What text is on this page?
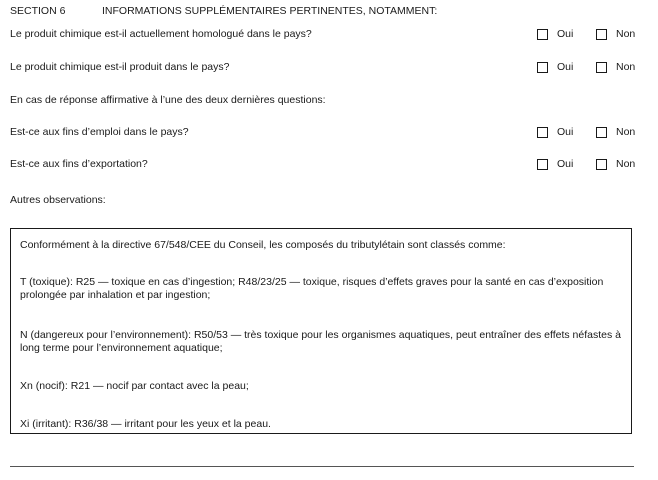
SECTION 6	INFORMATIONS SUPPLÉMENTAIRES PERTINENTES, NOTAMMENT:
Le produit chimique est-il actuellement homologué dans le pays?	Oui	Non
Le produit chimique est-il produit dans le pays?	Oui	Non
En cas de réponse affirmative à l’une des deux dernières questions:
Est-ce aux fins d’emploi dans le pays?	Oui	Non
Est-ce aux fins d’exportation?	Oui	Non
Autres observations:
Conformément à la directive 67/548/CEE du Conseil, les composés du tributylétain sont classés comme:
T (toxique): R25 — toxique en cas d’ingestion; R48/23/25 — toxique, risques d’effets graves pour la santé en cas d’exposition prolongée par inhalation et par ingestion;
N (dangereux pour l’environnement): R50/53 — très toxique pour les organismes aquatiques, peut entraîner des effets néfastes à long terme pour l’environnement aquatique;
Xn (nocif): R21 — nocif par contact avec la peau;
Xi (irritant): R36/38 — irritant pour les yeux et la peau.
